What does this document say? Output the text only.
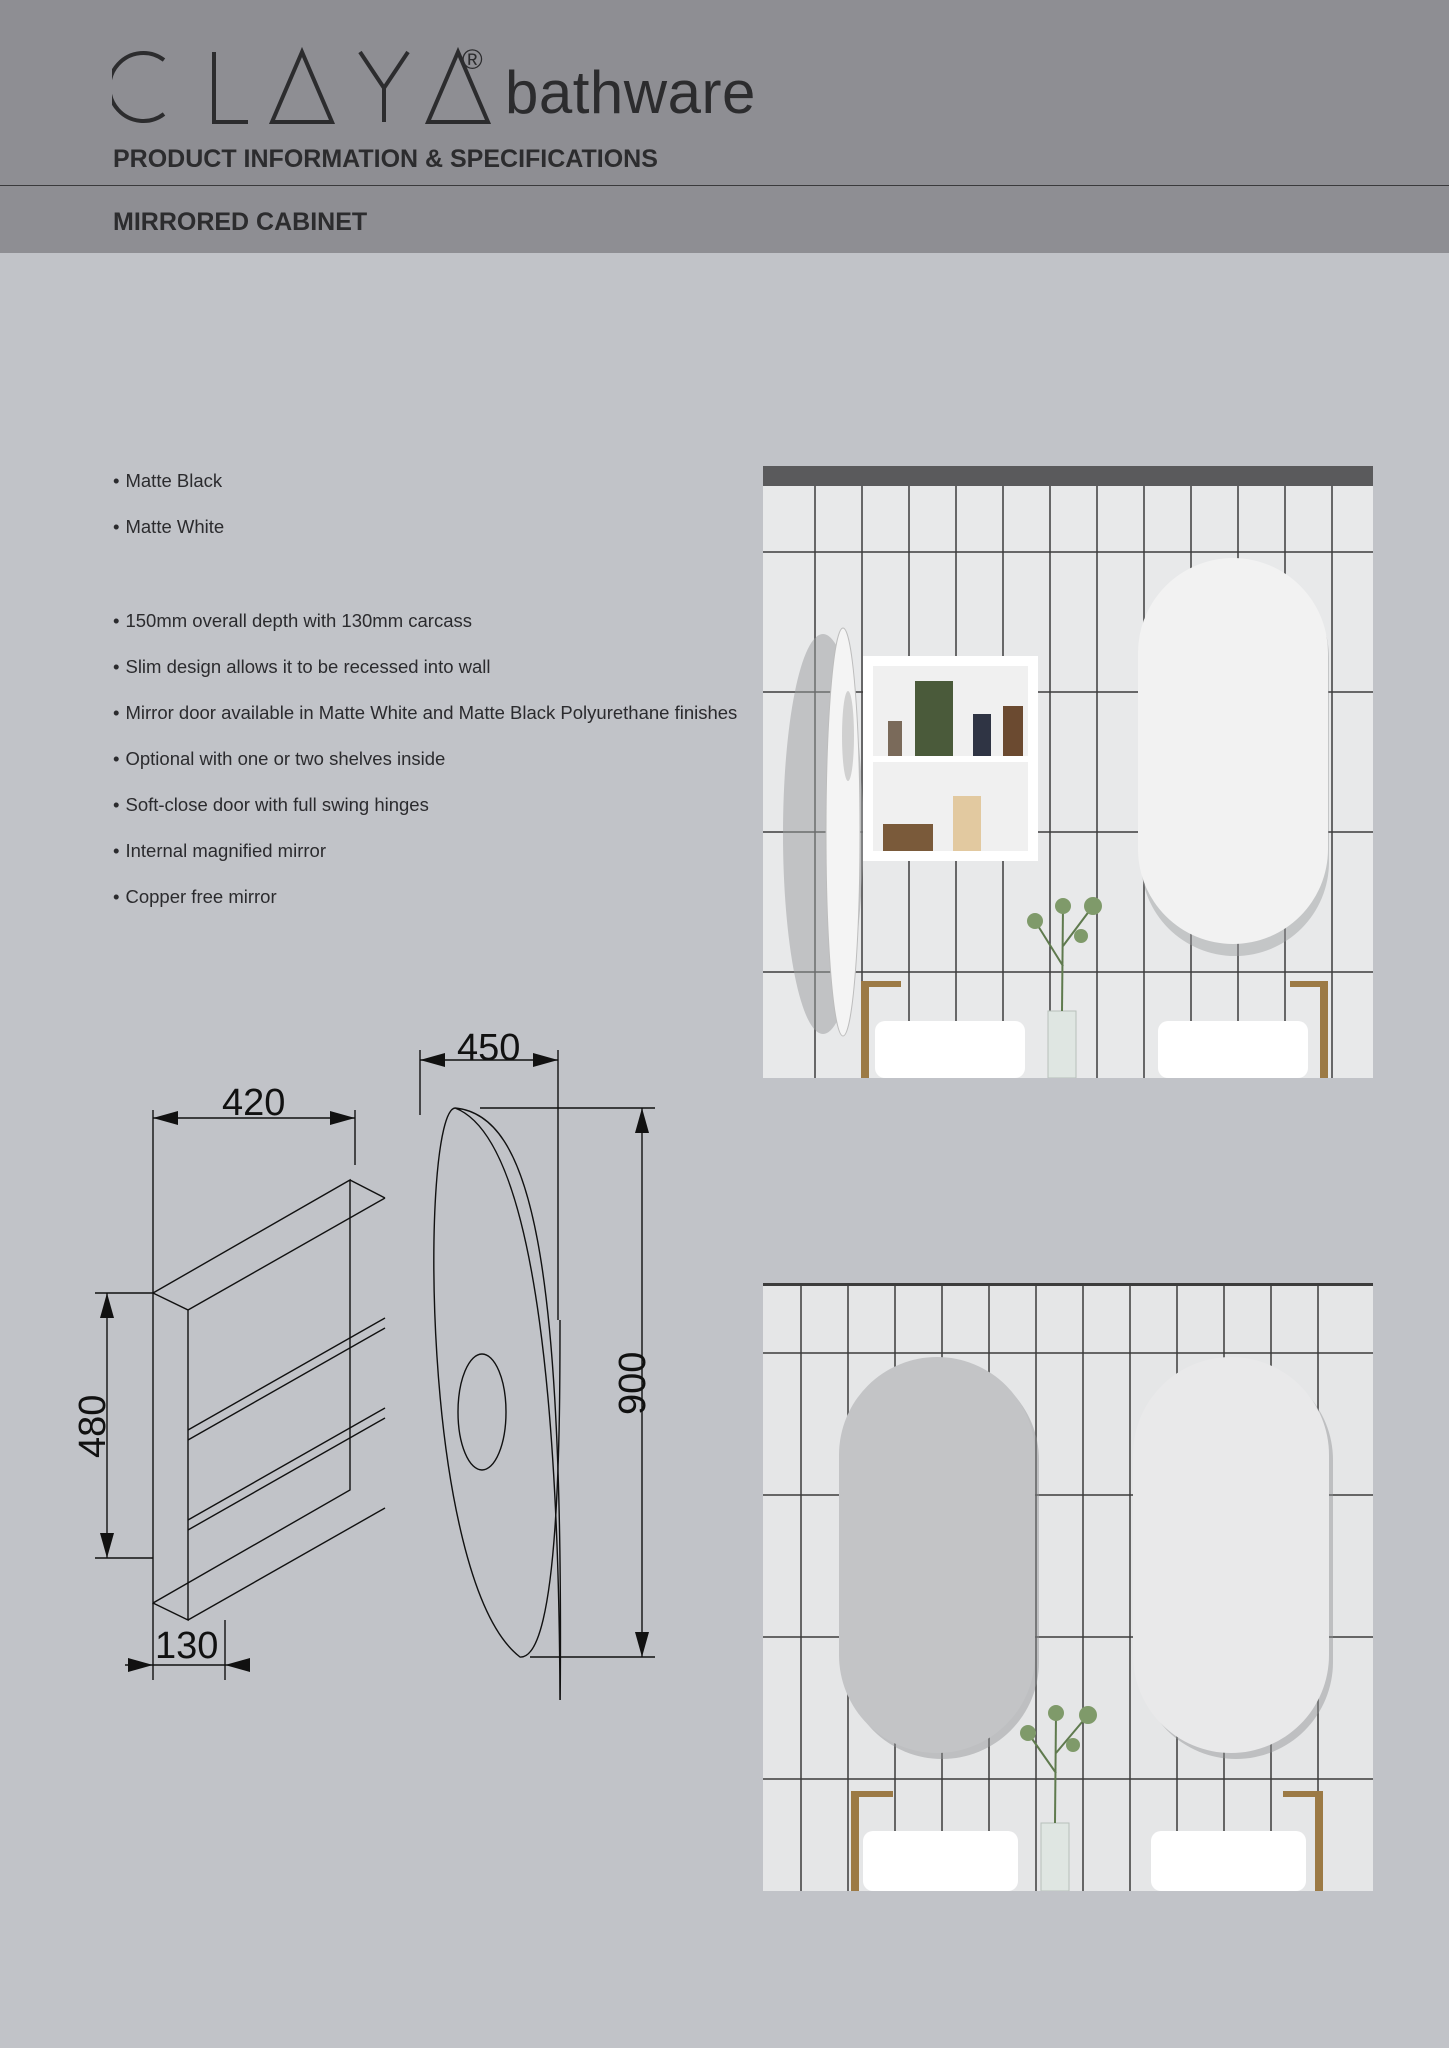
® bathware
PRODUCT INFORMATION & SPECIFICATIONS
MIRRORED CABINET
• Matte Black
• Matte White
• 150mm overall depth with 130mm carcass
• Slim design allows it to be recessed into wall
• Mirror door available in Matte White and Matte Black Polyurethane finishes
• Optional with one or two shelves inside
• Soft-close door with full swing hinges
• Internal magnified mirror
• Copper free mirror
420
450
900
480
130
